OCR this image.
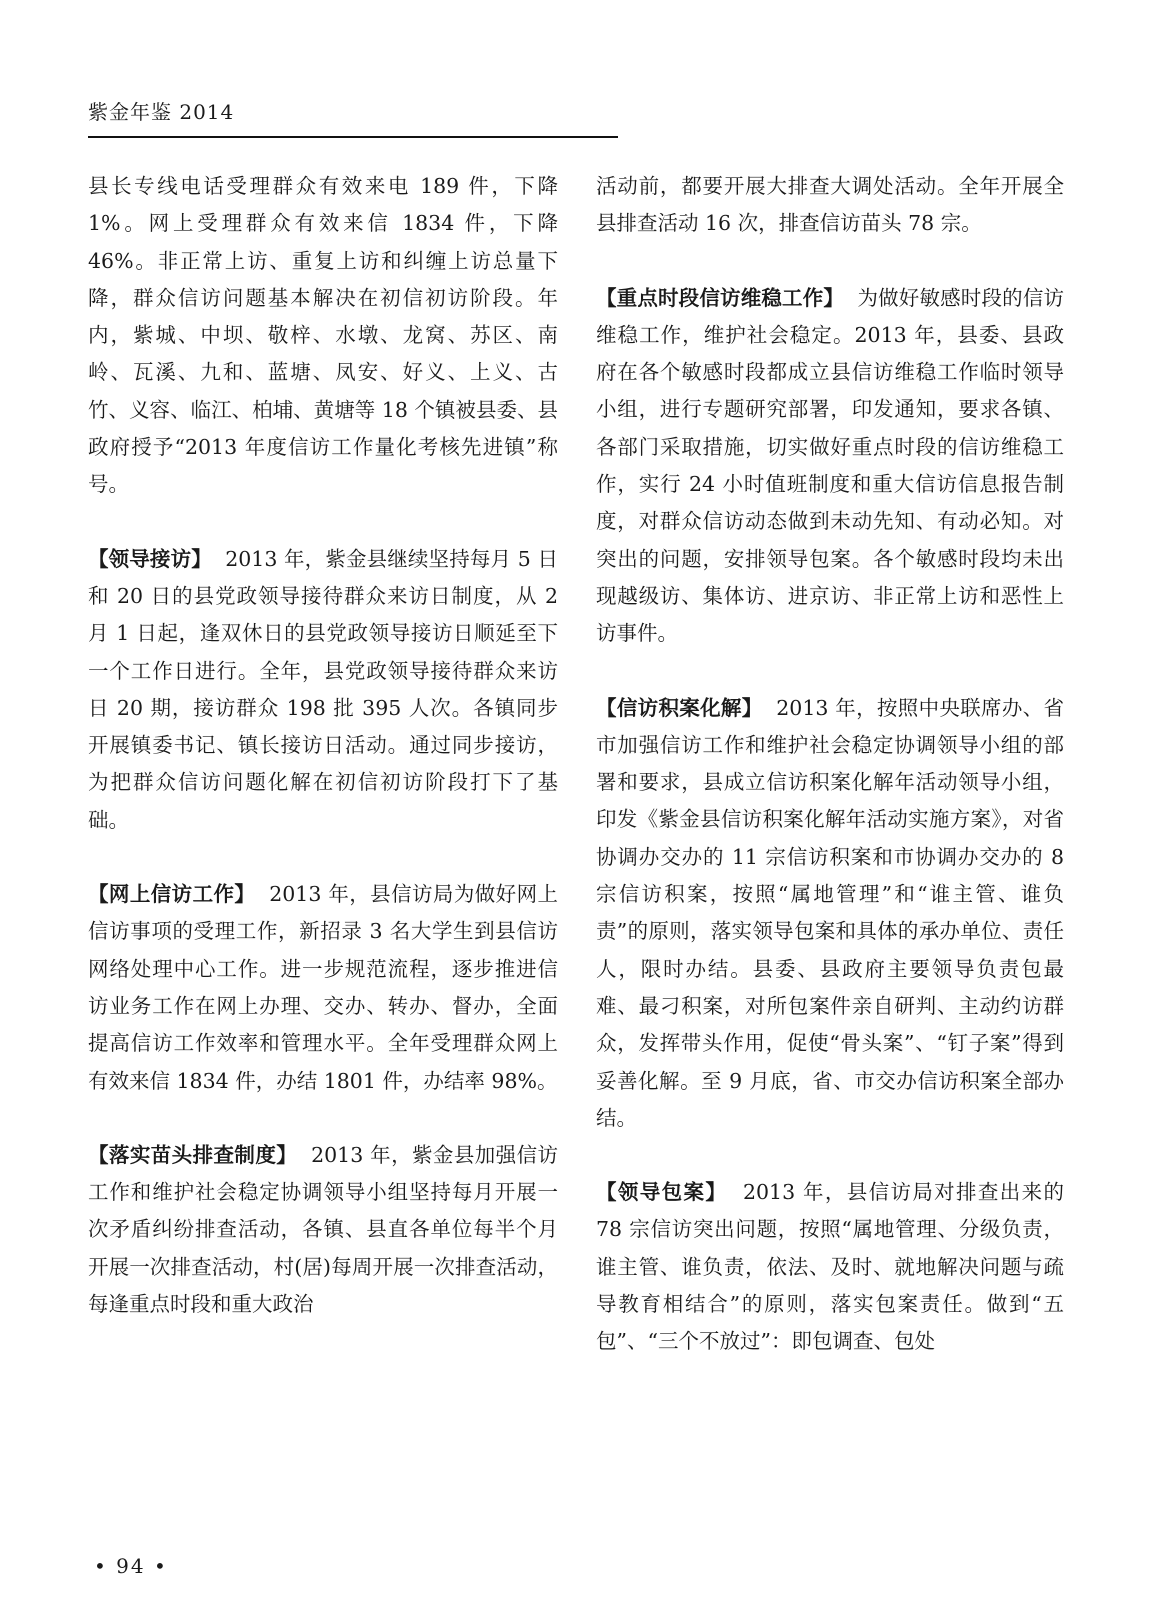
紫金年鉴 2014

县长专线电话受理群众有效来电 189 件，下降 1%。网上受理群众有效来信 1834 件，下降 46%。非正常上访、重复上访和纠缠上访总量下降，群众信访问题基本解决在初信初访阶段。年内，紫城、中坝、敬梓、水墩、龙窝、苏区、南岭、瓦溪、九和、蓝塘、凤安、好义、上义、古竹、义容、临江、柏埔、黄塘等 18 个镇被县委、县政府授予“2013 年度信访工作量化考核先进镇”称号。

【领导接访】 2013 年，紫金县继续坚持每月 5 日和 20 日的县党政领导接待群众来访日制度，从 2 月 1 日起，逢双休日的县党政领导接访日顺延至下一个工作日进行。全年，县党政领导接待群众来访日 20 期，接访群众 198 批 395 人次。各镇同步开展镇委书记、镇长接访日活动。通过同步接访，为把群众信访问题化解在初信初访阶段打下了基础。

【网上信访工作】 2013 年，县信访局为做好网上信访事项的受理工作，新招录 3 名大学生到县信访网络处理中心工作。进一步规范流程，逐步推进信访业务工作在网上办理、交办、转办、督办，全面提高信访工作效率和管理水平。全年受理群众网上有效来信 1834 件，办结 1801 件，办结率 98%。

【落实苗头排查制度】 2013 年，紫金县加强信访工作和维护社会稳定协调领导小组坚持每月开展一次矛盾纠纷排查活动，各镇、县直各单位每半个月开展一次排查活动，村(居)每周开展一次排查活动，每逢重点时段和重大政治

活动前，都要开展大排查大调处活动。全年开展全县排查活动 16 次，排查信访苗头 78 宗。

【重点时段信访维稳工作】 为做好敏感时段的信访维稳工作，维护社会稳定。2013 年，县委、县政府在各个敏感时段都成立县信访维稳工作临时领导小组，进行专题研究部署，印发通知，要求各镇、各部门采取措施，切实做好重点时段的信访维稳工作，实行 24 小时值班制度和重大信访信息报告制度，对群众信访动态做到未动先知、有动必知。对突出的问题，安排领导包案。各个敏感时段均未出现越级访、集体访、进京访、非正常上访和恶性上访事件。

【信访积案化解】 2013 年，按照中央联席办、省市加强信访工作和维护社会稳定协调领导小组的部署和要求，县成立信访积案化解年活动领导小组，印发《紫金县信访积案化解年活动实施方案》，对省协调办交办的 11 宗信访积案和市协调办交办的 8 宗信访积案，按照“属地管理”和“谁主管、谁负责”的原则，落实领导包案和具体的承办单位、责任人，限时办结。县委、县政府主要领导负责包最难、最刁积案，对所包案件亲自研判、主动约访群众，发挥带头作用，促使“骨头案”、“钉子案”得到妥善化解。至 9 月底，省、市交办信访积案全部办结。

【领导包案】 2013 年，县信访局对排查出来的 78 宗信访突出问题，按照“属地管理、分级负责，谁主管、谁负责，依法、及时、就地解决问题与疏导教育相结合”的原则，落实包案责任。做到“五包”、“三个不放过”：即包调查、包处

• 94 •
